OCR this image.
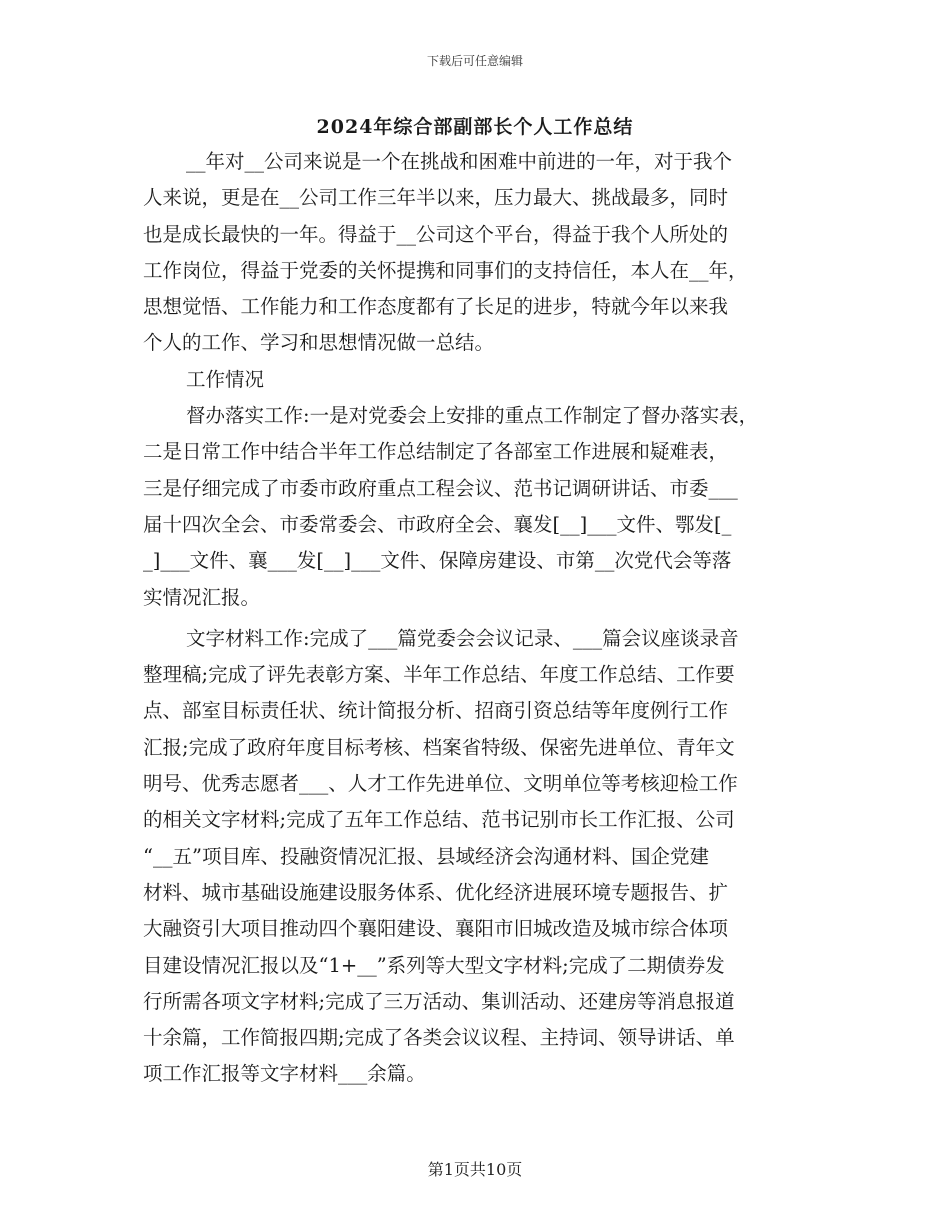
下载后可任意编辑
2024年综合部副部长个人工作总结
__年对__公司来说是一个在挑战和困难中前进的一年，对于我个
人来说，更是在__公司工作三年半以来，压力最大、挑战最多，同时
也是成长最快的一年。得益于__公司这个平台，得益于我个人所处的
工作岗位，得益于党委的关怀提携和同事们的支持信任，本人在__年，
思想觉悟、工作能力和工作态度都有了长足的进步，特就今年以来我
个人的工作、学习和思想情况做一总结。
工作情况
督办落实工作:一是对党委会上安排的重点工作制定了督办落实表，
二是日常工作中结合半年工作总结制定了各部室工作进展和疑难表，
三是仔细完成了市委市政府重点工程会议、范书记调研讲话、市委___
届十四次全会、市委常委会、市政府全会、襄发[__]___文件、鄂发[_
_]___文件、襄___发[__]___文件、保障房建设、市第__次党代会等落
实情况汇报。
文字材料工作:完成了___篇党委会会议记录、___篇会议座谈录音
整理稿;完成了评先表彰方案、半年工作总结、年度工作总结、工作要
点、部室目标责任状、统计简报分析、招商引资总结等年度例行工作
汇报;完成了政府年度目标考核、档案省特级、保密先进单位、青年文
明号、优秀志愿者___、人才工作先进单位、文明单位等考核迎检工作
的相关文字材料;完成了五年工作总结、范书记别市长工作汇报、公司
“__五”项目库、投融资情况汇报、县域经济会沟通材料、国企党建
材料、城市基础设施建设服务体系、优化经济进展环境专题报告、扩
大融资引大项目推动四个襄阳建设、襄阳市旧城改造及城市综合体项
目建设情况汇报以及“1+__”系列等大型文字材料;完成了二期债券发
行所需各项文字材料;完成了三万活动、集训活动、还建房等消息报道
十余篇，工作简报四期;完成了各类会议议程、主持词、领导讲话、单
项工作汇报等文字材料___余篇。
第1页共10页
